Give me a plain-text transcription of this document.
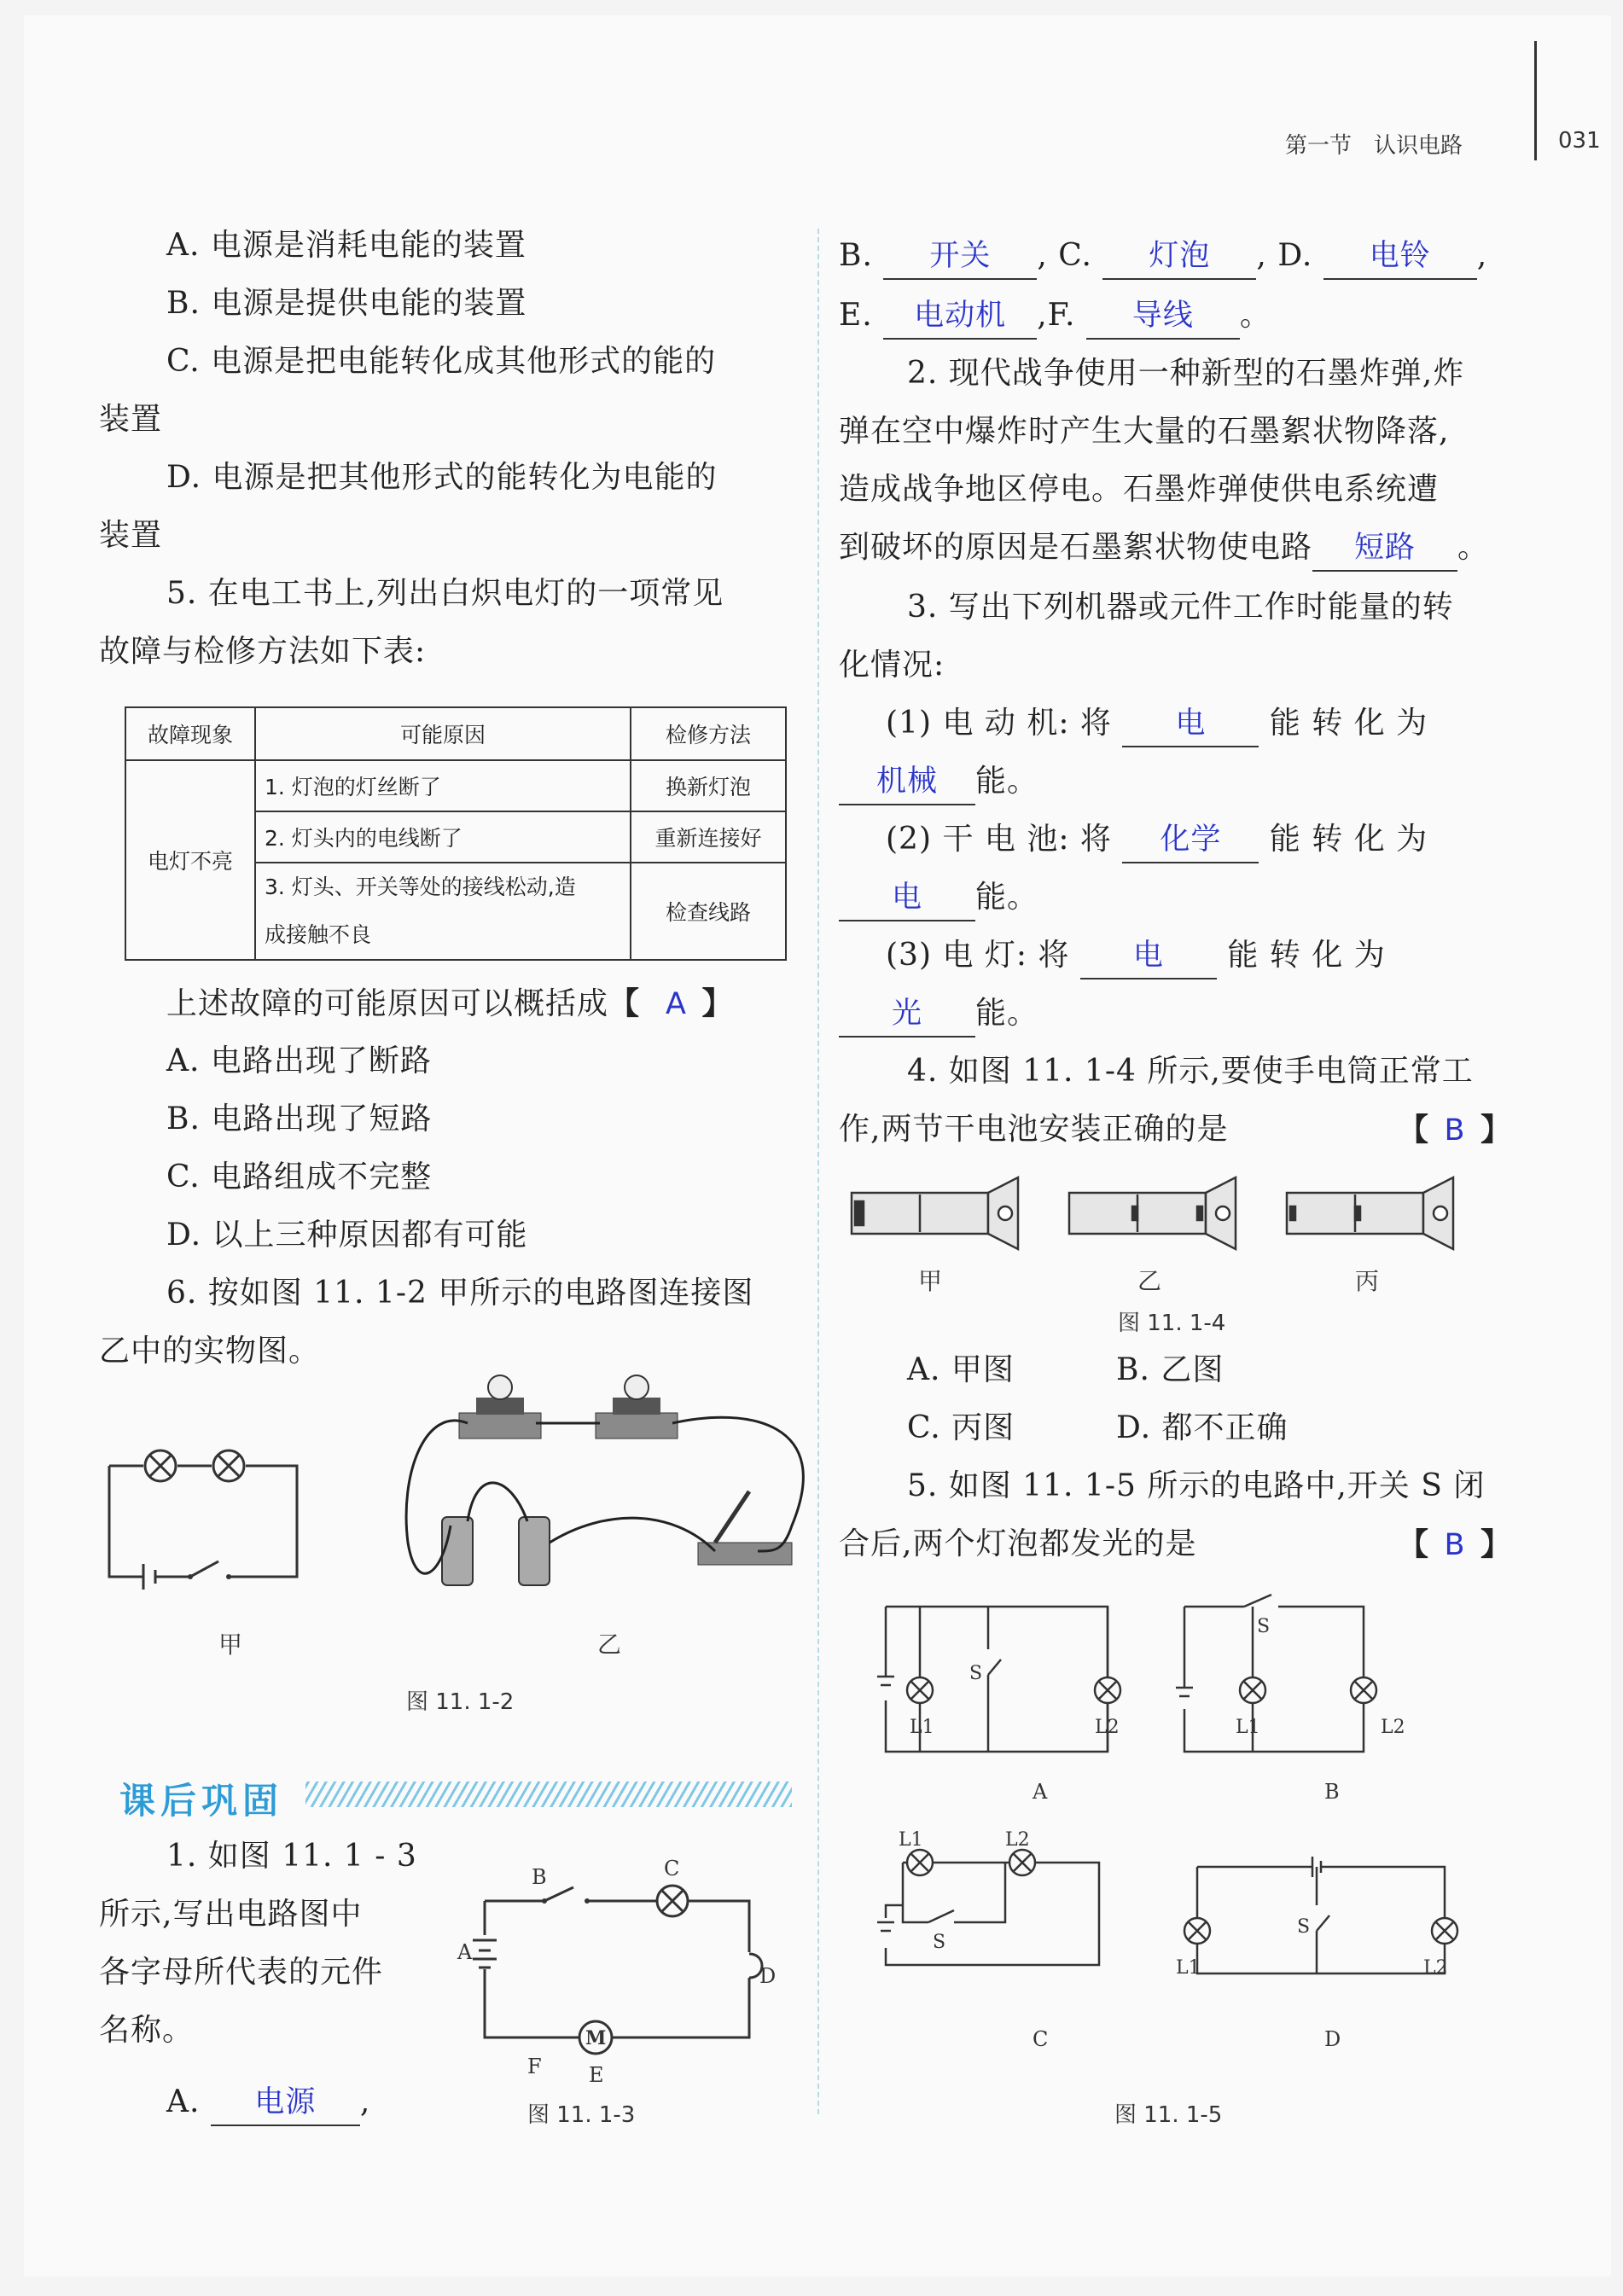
第一节　认识电路	031
A. 电源是消耗电能的装置
B. 电源是提供电能的装置
C. 电源是把电能转化成其他形式的能的
装置
D. 电源是把其他形式的能转化为电能的
装置
5. 在电工书上,列出白炽电灯的一项常见
故障与检修方法如下表:
故障现象	可能原因	检修方法
电灯不亮	1. 灯泡的灯丝断了	换新灯泡
	2. 灯头内的电线断了	重新连接好

	3. 灯头、开关等处的接线松动,造
成接触不良	检查线路
上述故障的可能原因可以概括成【 A 】
A. 电路出现了断路
B. 电路出现了短路
C. 电路组成不完整
D. 以上三种原因都有可能
6. 按如图 11. 1-2 甲所示的电路图连接图
乙中的实物图。
甲	乙
图 11. 1-2
课后巩固
1. 如图 11. 1 - 3
所示,写出电路图中
各字母所代表的元件
名称。
A. 电源 ,
A
B	C
D
E
F
M
图 11. 1-3
B. 开关 , C. 灯泡 , D. 电铃 ,
E. 电动机 ,F. 导线 。
2. 现代战争使用一种新型的石墨炸弹,炸
弹在空中爆炸时产生大量的石墨絮状物降落,
造成战争地区停电。石墨炸弹使供电系统遭
到破坏的原因是石墨絮状物使电路 短路 。
3. 写出下列机器或元件工作时能量的转
化情况:
(1) 电 动 机: 将 电 能 转 化 为
机械 能。
(2) 干 电 池: 将 化学 能 转 化 为
电 能。
(3) 电 灯: 将 电 能 转 化 为
光 能。
4. 如图 11. 1-4 所示,要使手电筒正常工
作,两节干电池安装正确的是	【 B 】
甲	乙	丙
图 11. 1-4
A. 甲图	B. 乙图
C. 丙图	D. 都不正确
5. 如图 11. 1-5 所示的电路中,开关 S 闭
合后,两个灯泡都发光的是	【 B 】
S
L1	L2
S
L1	L2
L1	L2
S
S
L1	L2
A	B
C	D
图 11. 1-5
